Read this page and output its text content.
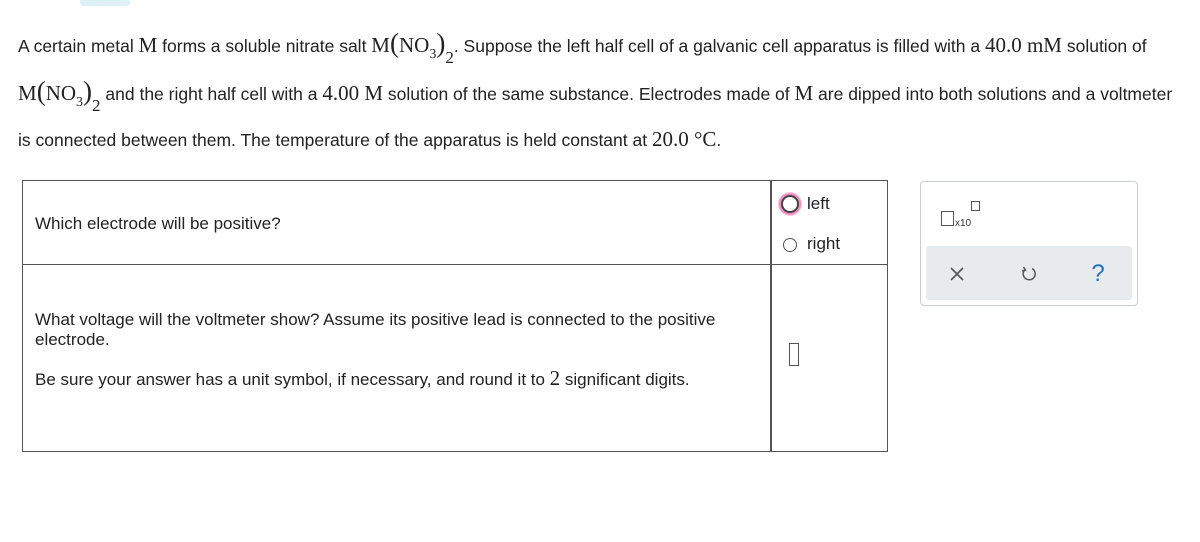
A certain metal M forms a soluble nitrate salt $M(NO_3)_2$. Suppose the left half cell of a galvanic cell apparatus is filled with a 40.0 mM solution of $M(NO_3)_2$ and the right half cell with a 4.00 M solution of the same substance. Electrodes made of M are dipped into both solutions and a voltmeter is connected between them. The temperature of the apparatus is held constant at 20.0 °C.
Which electrode will be positive?
left
right
What voltage will the voltmeter show? Assume its positive lead is connected to the positive electrode.
Be sure your answer has a unit symbol, if necessary, and round it to 2 significant digits.
x10
?
